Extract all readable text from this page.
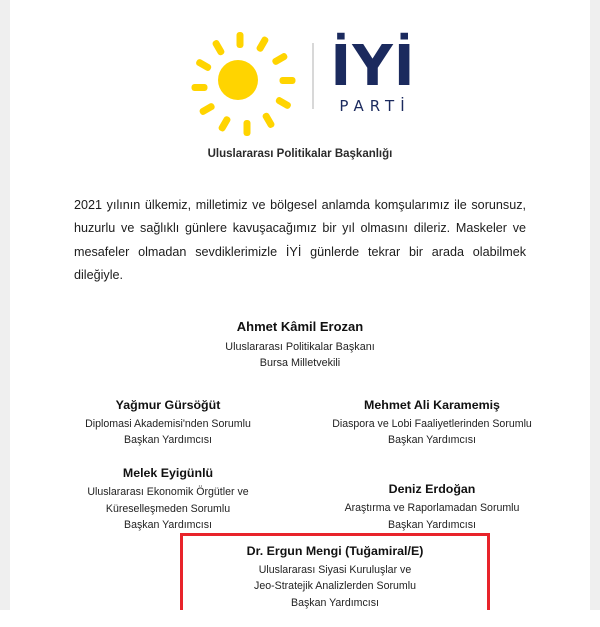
İYİ
PARTİ
Uluslararası Politikalar Başkanlığı
2021 yılının ülkemiz, milletimiz ve bölgesel anlamda komşularımız ile sorunsuz, huzurlu ve sağlıklı günlere kavuşacağımız bir yıl olmasını dileriz. Maskeler ve mesafeler olmadan sevdiklerimizle İYİ günlerde tekrar bir arada olabilmek dileğiyle.
Ahmet Kâmil Erozan
Uluslararası Politikalar Başkanı
Bursa Milletvekili
Yağmur Gürsöğüt
Diplomasi Akademisi'nden Sorumlu
Başkan Yardımcısı
Melek Eyigünlü
Uluslararası Ekonomik Örgütler ve
Küreselleşmeden Sorumlu
Başkan Yardımcısı
Mehmet Ali Karamemiş
Diaspora ve Lobi Faaliyetlerinden Sorumlu
Başkan Yardımcısı
Deniz Erdoğan
Araştırma ve Raporlamadan Sorumlu
Başkan Yardımcısı
Dr. Ergun Mengi (Tuğamiral/E)
Uluslararası Siyasi Kuruluşlar ve
Jeo-Stratejik Analizlerden Sorumlu
Başkan Yardımcısı
